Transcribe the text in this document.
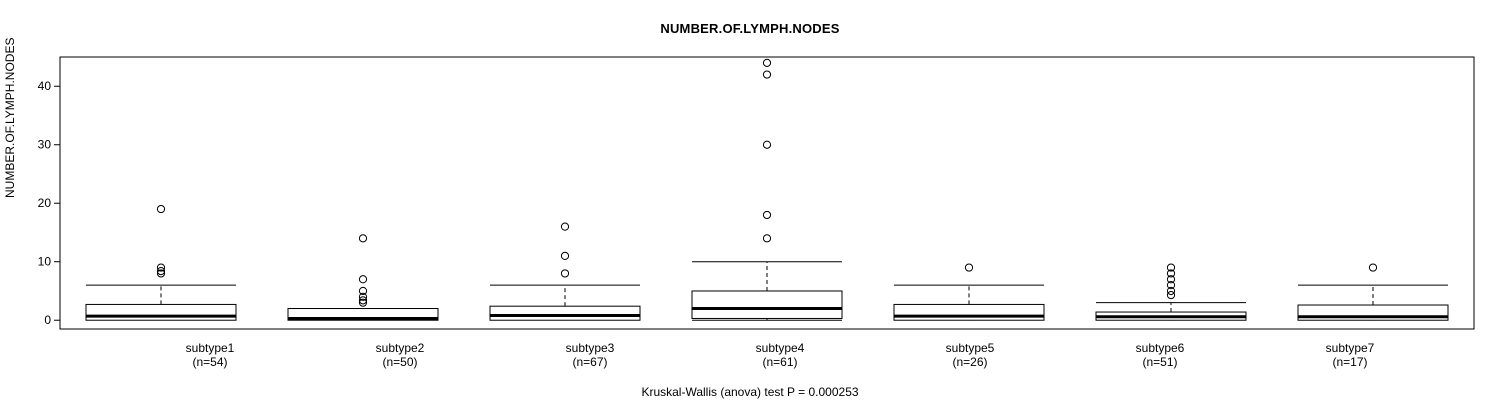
NUMBER.OF.LYMPH.NODES
NUMBER.OF.LYMPH.NODES
0
10
20
30
40
subtype1
(n=54)
subtype2
(n=50)
subtype3
(n=67)
subtype4
(n=61)
subtype5
(n=26)
subtype6
(n=51)
subtype7
(n=17)
Kruskal-Wallis (anova) test P = 0.000253
